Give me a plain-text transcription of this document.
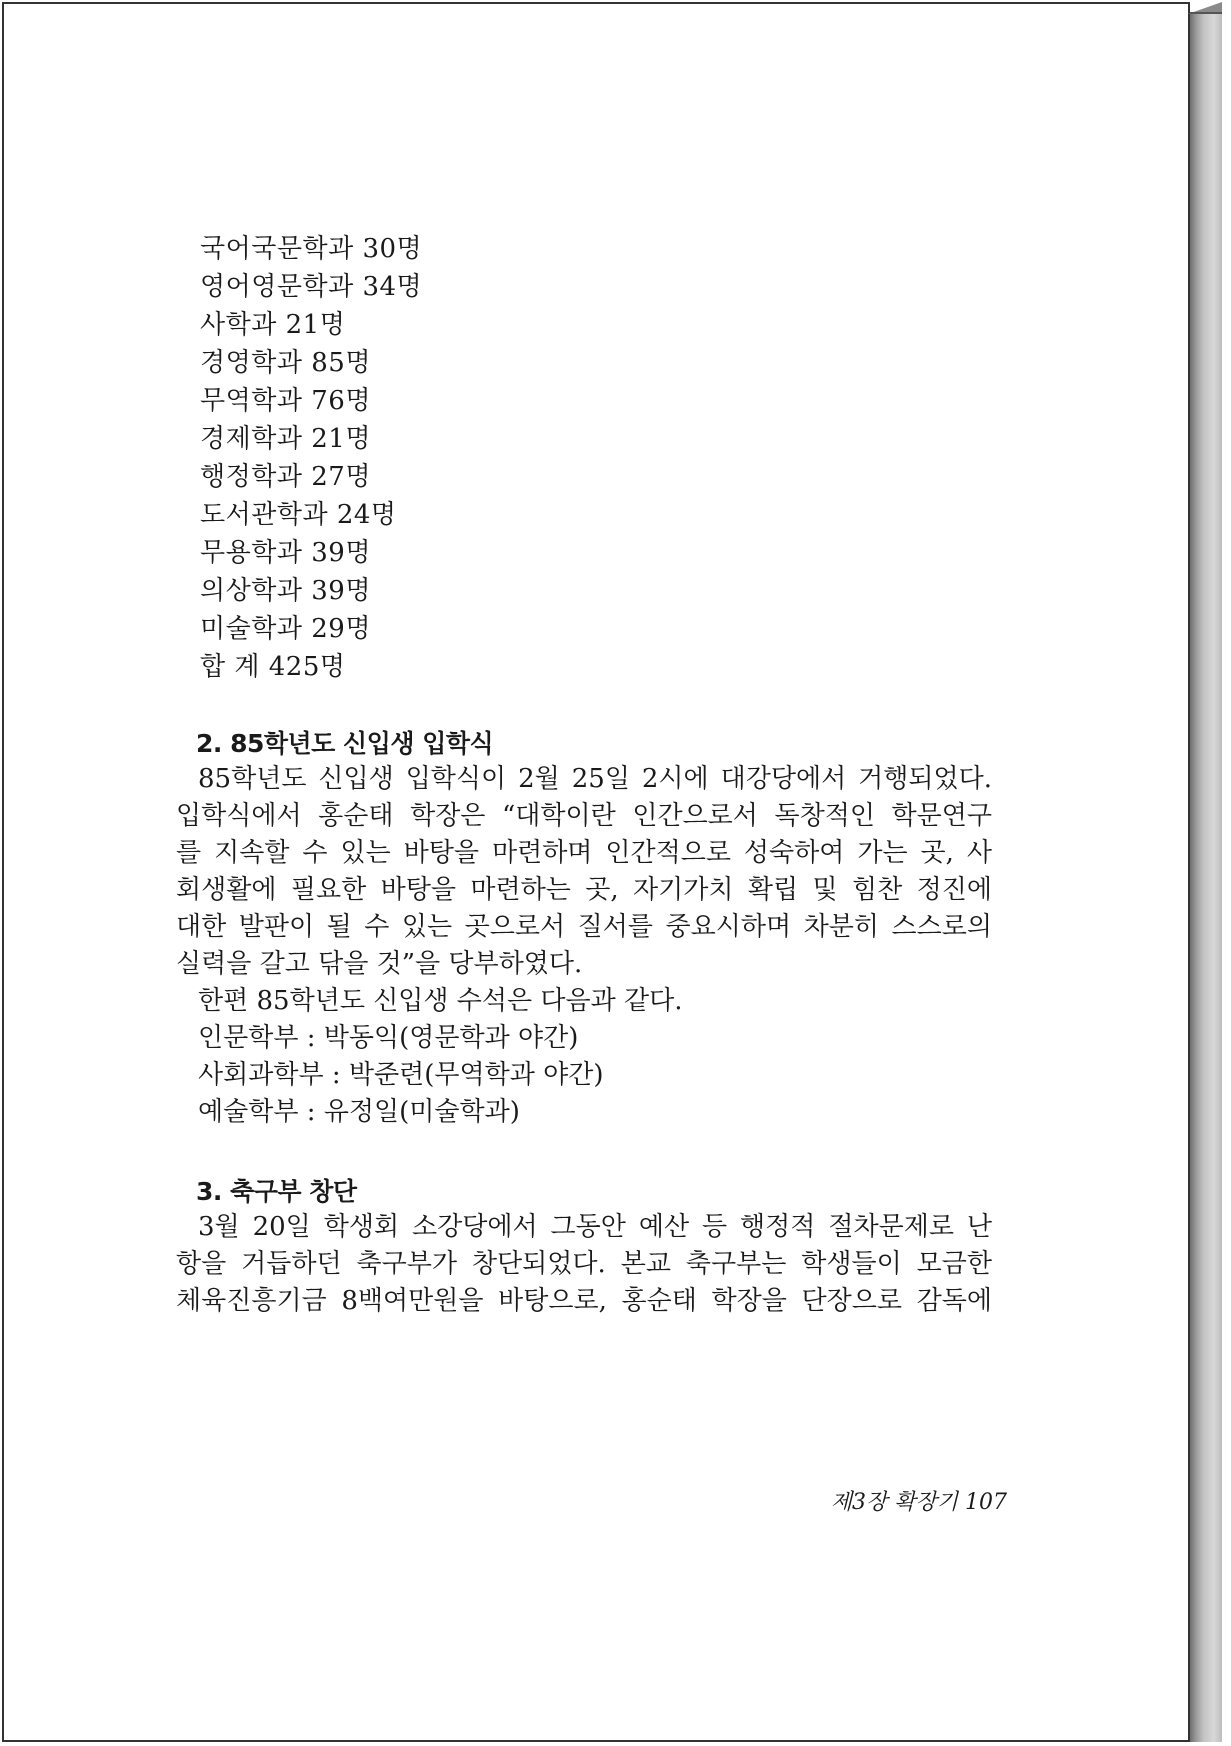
국어국문학과 30명
영어영문학과 34명
사학과 21명
경영학과 85명
무역학과 76명
경제학과 21명
행정학과 27명
도서관학과 24명
무용학과 39명
의상학과 39명
미술학과 29명
합 계 425명
2. 85학년도 신입생 입학식
85학년도 신입생 입학식이 2월 25일 2시에 대강당에서 거행되었다.
입학식에서 홍순태 학장은 “대학이란 인간으로서 독창적인 학문연구
를 지속할 수 있는 바탕을 마련하며 인간적으로 성숙하여 가는 곳, 사
회생활에 필요한 바탕을 마련하는 곳, 자기가치 확립 및 힘찬 정진에
대한 발판이 될 수 있는 곳으로서 질서를 중요시하며 차분히 스스로의
실력을 갈고 닦을 것”을 당부하였다.
한편 85학년도 신입생 수석은 다음과 같다.
인문학부 : 박동익(영문학과 야간)
사회과학부 : 박준련(무역학과 야간)
예술학부 : 유정일(미술학과)
3. 축구부 창단
3월 20일 학생회 소강당에서 그동안 예산 등 행정적 절차문제로 난
항을 거듭하던 축구부가 창단되었다. 본교 축구부는 학생들이 모금한
체육진흥기금 8백여만원을 바탕으로, 홍순태 학장을 단장으로 감독에
제3장 확장기 107
